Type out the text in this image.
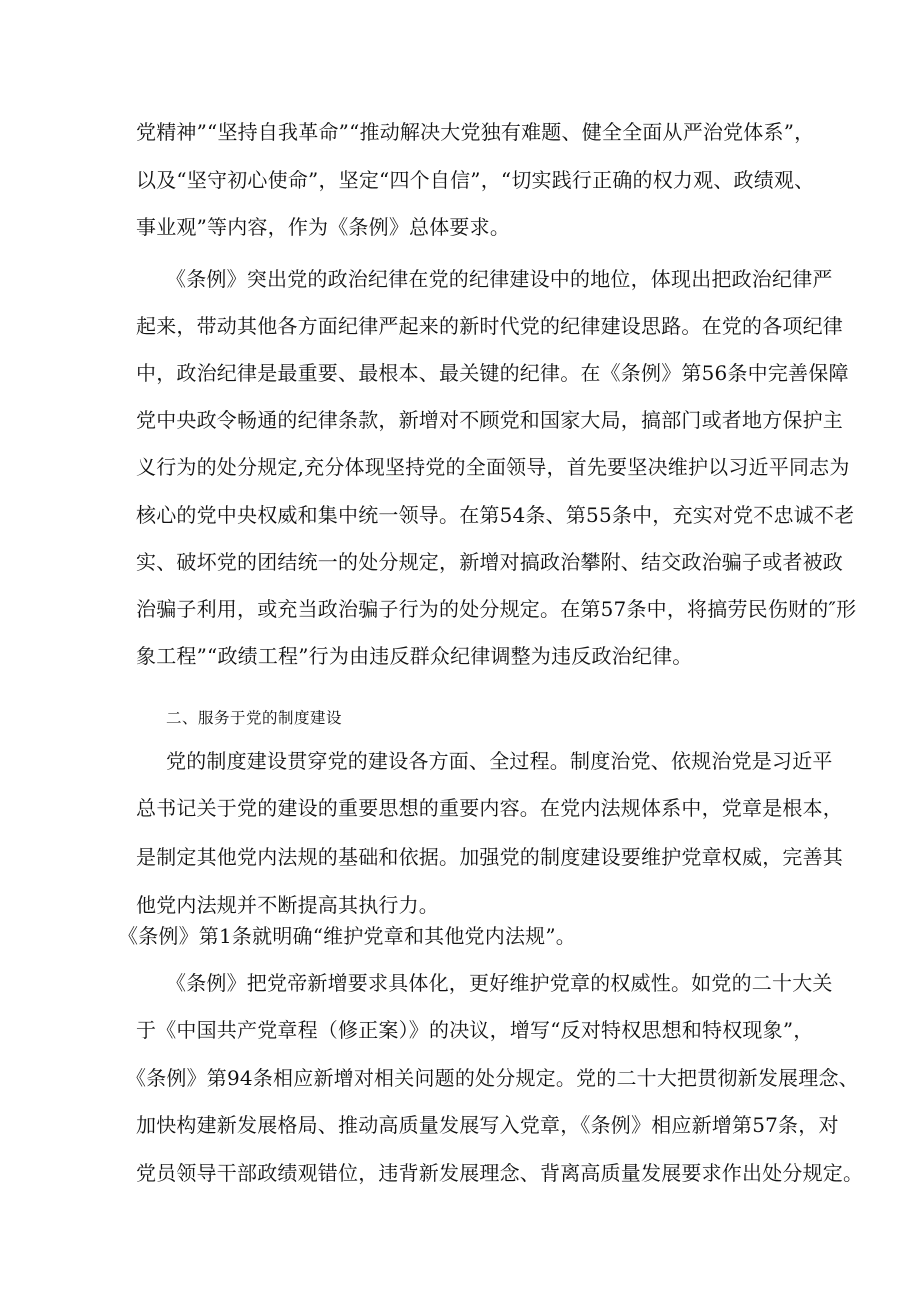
党精神”“坚持自我革命”“推动解决大党独有难题、健全全面从严治党体系”，
以及“坚守初心使命”，坚定“四个自信”，“切实践行正确的权力观、政绩观、
事业观”等内容，作为《条例》总体要求。
《条例》突出党的政治纪律在党的纪律建设中的地位，体现出把政治纪律严
起来，带动其他各方面纪律严起来的新时代党的纪律建设思路。在党的各项纪律
中，政治纪律是最重要、最根本、最关键的纪律。在《条例》第56条中完善保障
党中央政令畅通的纪律条款，新增对不顾党和国家大局，搞部门或者地方保护主
义行为的处分规定,充分体现坚持党的全面领导，首先要坚决维护以习近平同志为
核心的党中央权威和集中统一领导。在第54条、第55条中，充实对党不忠诚不老
实、破坏党的团结统一的处分规定，新增对搞政治攀附、结交政治骗子或者被政
治骗子利用，或充当政治骗子行为的处分规定。在第57条中，将搞劳民伤财的″形
象工程”“政绩工程”行为由违反群众纪律调整为违反政治纪律。
二、服务于党的制度建设
党的制度建设贯穿党的建设各方面、全过程。制度治党、依规治党是习近平
总书记关于党的建设的重要思想的重要内容。在党内法规体系中，党章是根本，
是制定其他党内法规的基础和依据。加强党的制度建设要维护党章权威，完善其
他党内法规并不断提高其执行力。
《条例》第1条就明确“维护党章和其他党内法规”。
《条例》把党帝新增要求具体化，更好维护党章的权威性。如党的二十大关
于《中国共产党章程（修正案）》的决议，增写“反对特权思想和特权现象”，
《条例》第94条相应新增对相关问题的处分规定。党的二十大把贯彻新发展理念、
加快构建新发展格局、推动高质量发展写入党章，《条例》相应新增第57条，对
党员领导干部政绩观错位，违背新发展理念、背离高质量发展要求作出处分规定。
